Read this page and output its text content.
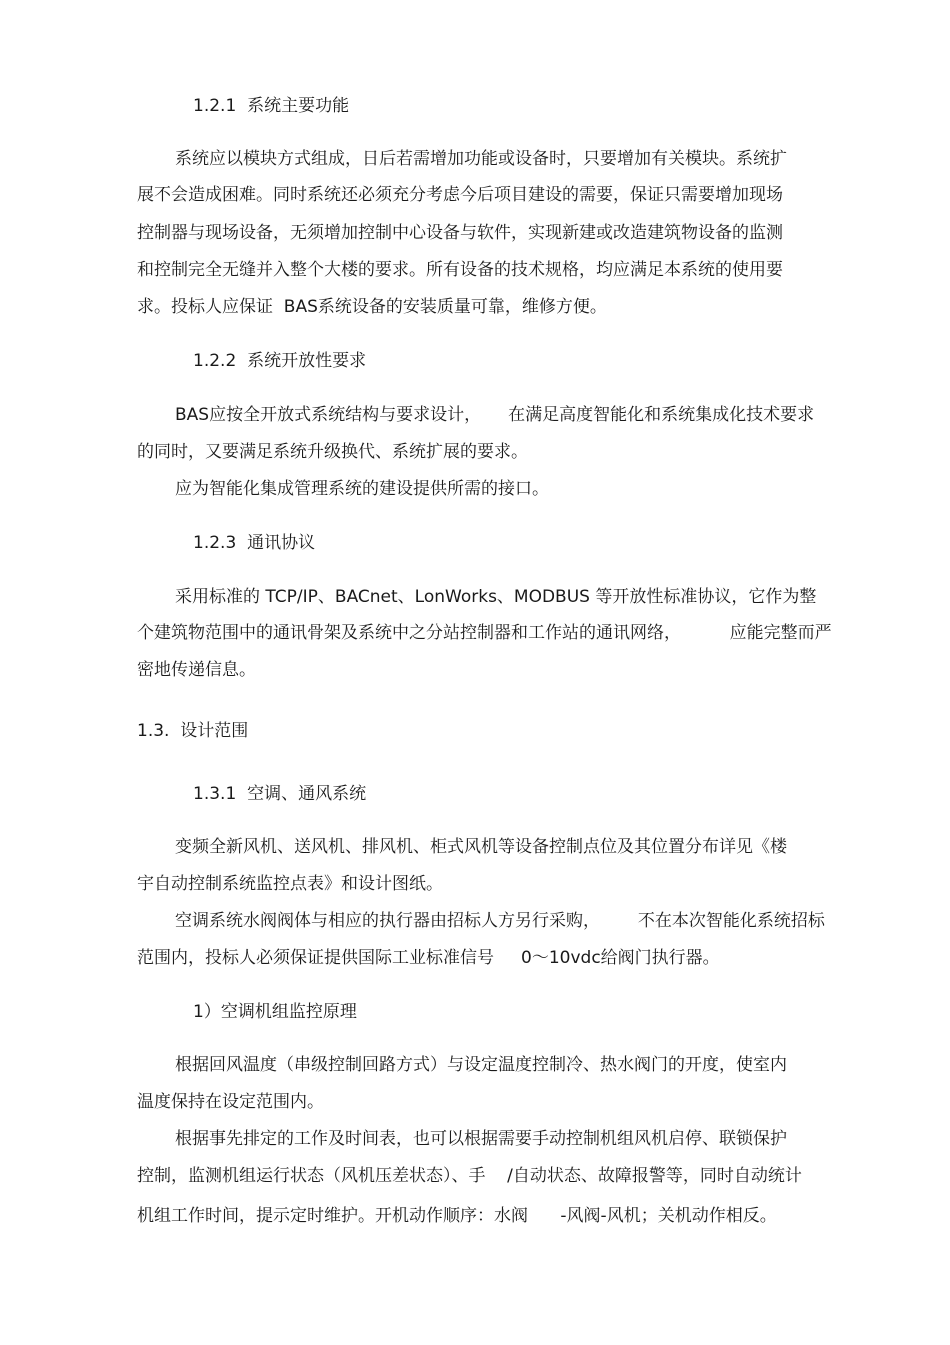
1.2.1  系统主要功能
系统应以模块方式组成，日后若需增加功能或设备时，只要增加有关模块。系统扩
展不会造成困难。同时系统还必须充分考虑今后项目建设的需要，保证只需要增加现场
控制器与现场设备，无须增加控制中心设备与软件，实现新建或改造建筑物设备的监测
和控制完全无缝并入整个大楼的要求。所有设备的技术规格，均应满足本系统的使用要
求。投标人应保证  BAS系统设备的安装质量可靠，维修方便。
1.2.2  系统开放性要求
BAS应按全开放式系统结构与要求设计，     在满足高度智能化和系统集成化技术要求
的同时，又要满足系统升级换代、系统扩展的要求。
应为智能化集成管理系统的建设提供所需的接口。
1.2.3  通讯协议
采用标准的 TCP/IP、BACnet、LonWorks、MODBUS 等开放性标准协议，它作为整
个建筑物范围中的通讯骨架及系统中之分站控制器和工作站的通讯网络，         应能完整而严
密地传递信息。
1.3.  设计范围
1.3.1  空调、通风系统
变频全新风机、送风机、排风机、柜式风机等设备控制点位及其位置分布详见《楼
宇自动控制系统监控点表》和设计图纸。
空调系统水阀阀体与相应的执行器由招标人方另行采购，       不在本次智能化系统招标
范围内，投标人必须保证提供国际工业标准信号     0～10vdc给阀门执行器。
1）空调机组监控原理
根据回风温度（串级控制回路方式）与设定温度控制冷、热水阀门的开度，使室内
温度保持在设定范围内。
根据事先排定的工作及时间表，也可以根据需要手动控制机组风机启停、联锁保护
控制，监测机组运行状态（风机压差状态）、手    /自动状态、故障报警等，同时自动统计
机组工作时间，提示定时维护。开机动作顺序：水阀      -风阀-风机；关机动作相反。
